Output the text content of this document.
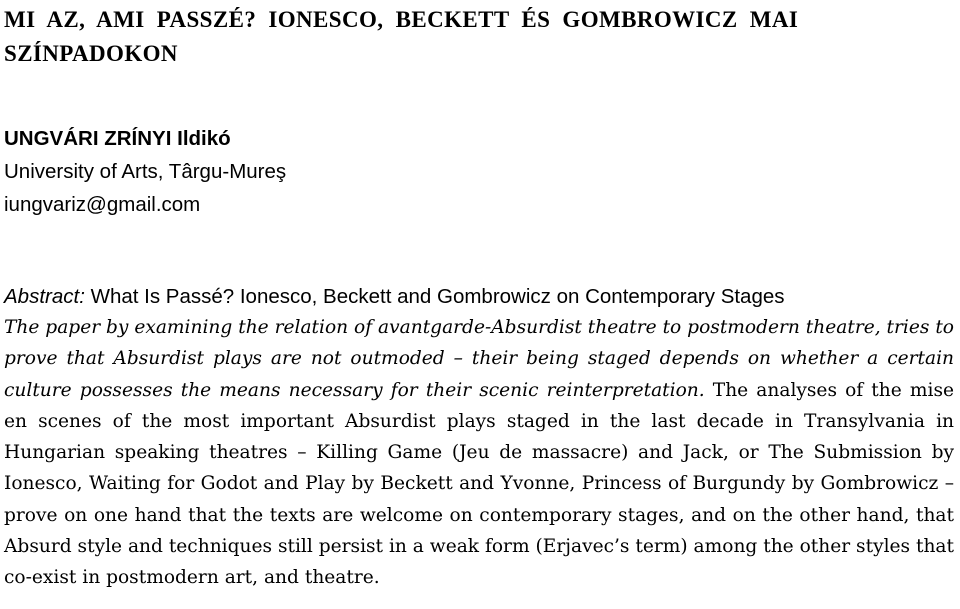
MI AZ, AMI PASSZÉ? IONESCO, BECKETT ÉS GOMBROWICZ MAI SZÍNPADOKON
UNGVÁRI ZRÍNYI Ildikó
University of Arts, Târgu-Mureş
iungvariz@gmail.com
Abstract: What Is Passé? Ionesco, Beckett and Gombrowicz on Contemporary Stages
The paper by examining the relation of avantgarde-Absurdist theatre to postmodern theatre, tries to prove that Absurdist plays are not outmoded – their being staged depends on whether a certain culture possesses the means necessary for their scenic reinterpretation. The analyses of the mise en scenes of the most important Absurdist plays staged in the last decade in Transylvania in Hungarian speaking theatres – Killing Game (Jeu de massacre) and Jack, or The Submission by Ionesco, Waiting for Godot and Play by Beckett and Yvonne, Princess of Burgundy by Gombrowicz – prove on one hand that the texts are welcome on contemporary stages, and on the other hand, that Absurd style and techniques still persist in a weak form (Erjavec’s term) among the other styles that co-exist in postmodern art, and theatre.
